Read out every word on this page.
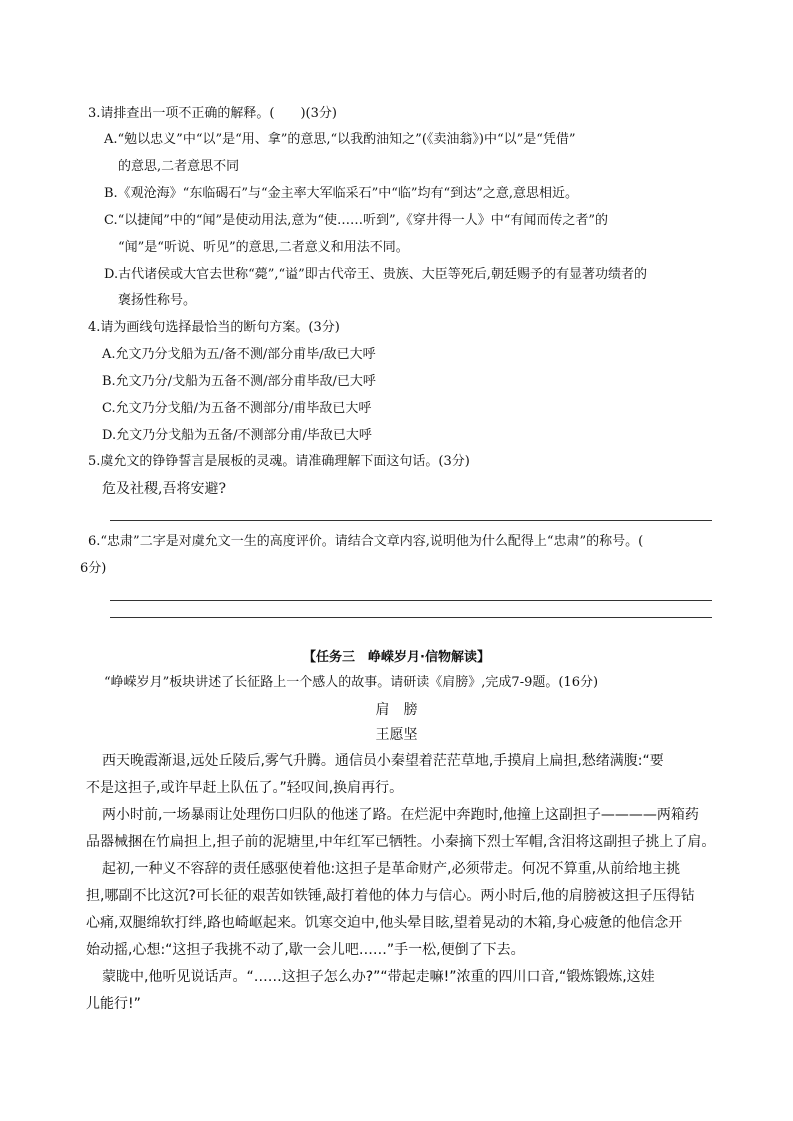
3.请排查出一项不正确的解释。(　　)(3分)
A.“勉以忠义”中“以”是“用、拿”的意思,“以我酌油知之”(《卖油翁》)中“以”是“凭借”
的意思,二者意思不同
B.《观沧海》“东临碣石”与“金主率大军临采石”中“临”均有“到达”之意,意思相近。
C.“以捷闻”中的“闻”是使动用法,意为“使……听到”,《穿井得一人》中“有闻而传之者”的
“闻”是“听说、听见”的意思,二者意义和用法不同。
D.古代诸侯或大官去世称“薨”,“谥”即古代帝王、贵族、大臣等死后,朝廷赐予的有显著功绩者的
褒扬性称号。
4.请为画线句选择最恰当的断句方案。(3分)
A.允文乃分戈船为五/备不测/部分甫毕/敌已大呼
B.允文乃分/戈船为五备不测/部分甫毕敌/已大呼
C.允文乃分戈船/为五备不测部分/甫毕敌已大呼
D.允文乃分戈船为五备/不测部分甫/毕敌已大呼
5.虞允文的铮铮誓言是展板的灵魂。请准确理解下面这句话。(3分)
危及社稷,吾将安避?
6.“忠肃”二字是对虞允文一生的高度评价。请结合文章内容,说明他为什么配得上“忠肃”的称号。(
6分)
【任务三　峥嵘岁月·信物解读】
“峥嵘岁月”板块讲述了长征路上一个感人的故事。请研读《肩膀》,完成7-9题。(16分)
肩　膀
王愿坚
西天晚霞渐退,远处丘陵后,雾气升腾。通信员小秦望着茫茫草地,手摸肩上扁担,愁绪满腹:“要
不是这担子,或许早赶上队伍了。”轻叹间,换肩再行。
两小时前,一场暴雨让处理伤口归队的他迷了路。在烂泥中奔跑时,他撞上这副担子————两箱药
品器械捆在竹扁担上,担子前的泥塘里,中年红军已牺牲。小秦摘下烈士军帽,含泪将这副担子挑上了肩。
起初,一种义不容辞的责任感驱使着他:这担子是革命财产,必须带走。何况不算重,从前给地主挑
担,哪副不比这沉?可长征的艰苦如铁锤,敲打着他的体力与信心。两小时后,他的肩膀被这担子压得钻
心痛,双腿绵软打绊,路也崎岖起来。饥寒交迫中,他头晕目眩,望着晃动的木箱,身心疲惫的他信念开
始动摇,心想:“这担子我挑不动了,歇一会儿吧……”手一松,便倒了下去。
蒙眬中,他听见说话声。“……这担子怎么办?”“带起走嘛!”浓重的四川口音,“锻炼锻炼,这娃
儿能行!”
